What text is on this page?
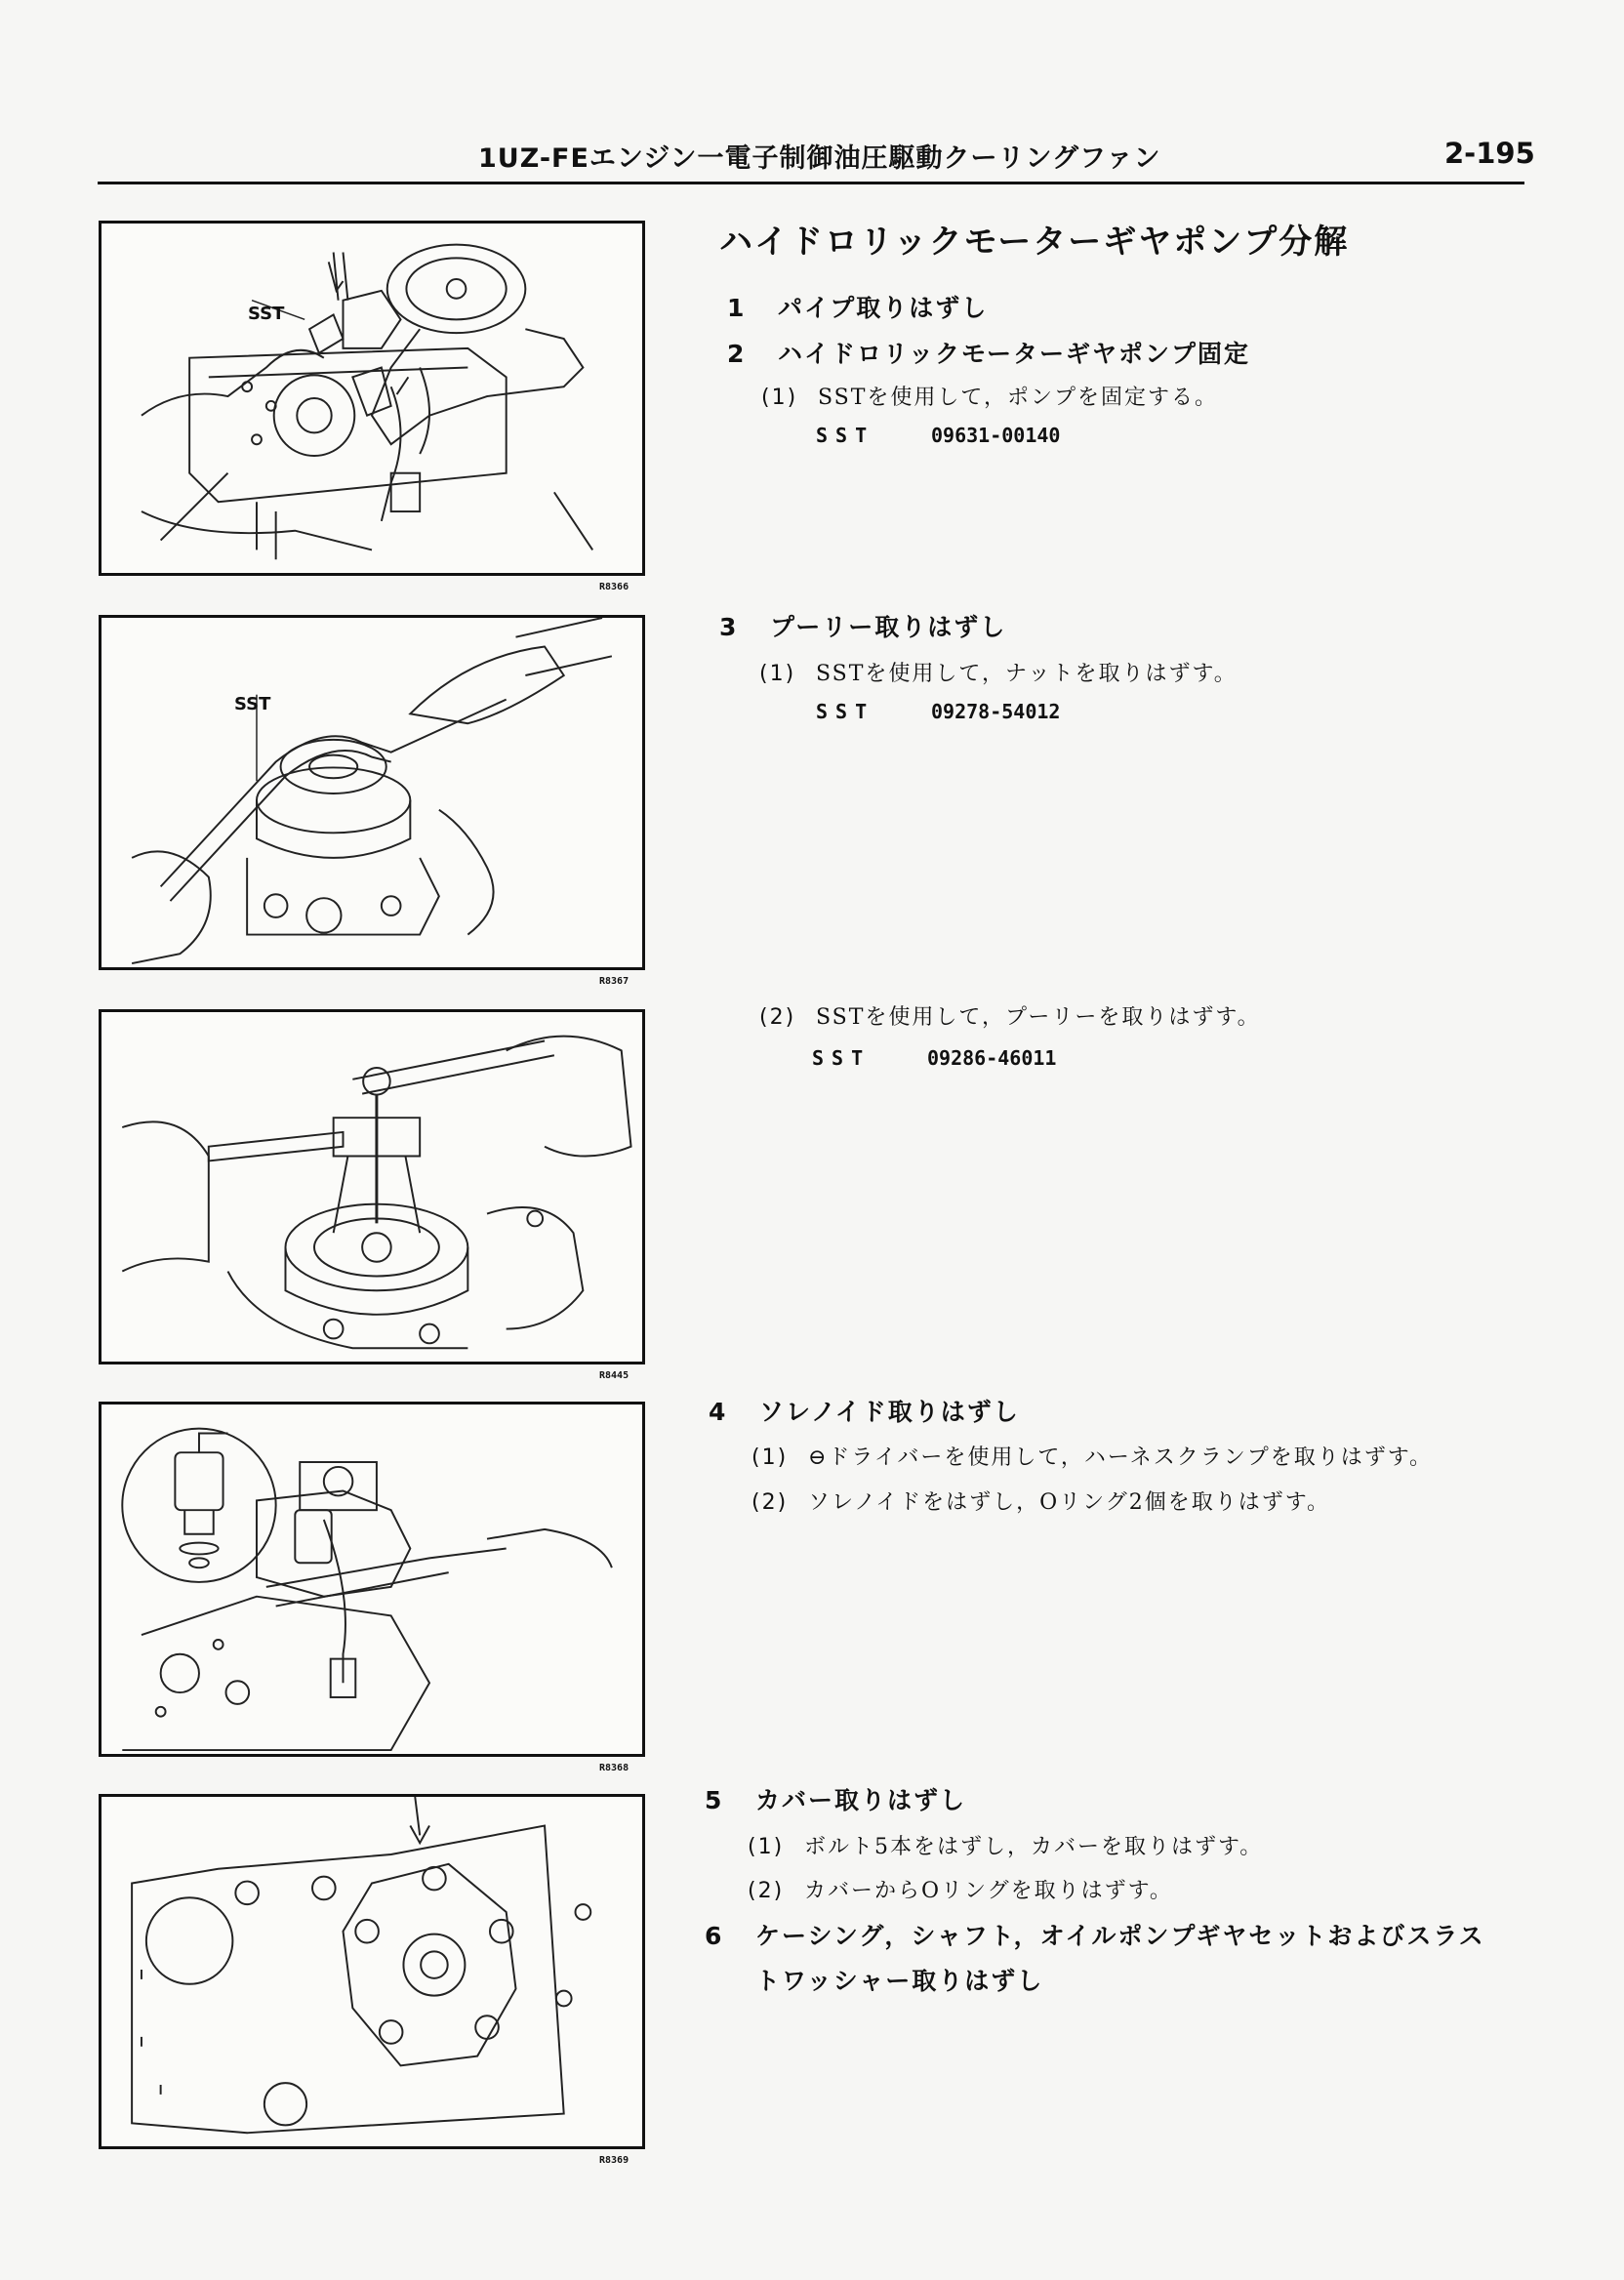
1UZ-FEエンジン一電子制御油圧駆動クーリングファン	2-195
SST
R8366
SST
R8367
R8445
R8368
R8369
ハイドロリックモーターギヤポンプ分解
1 パイプ取りはずし
2 ハイドロリックモーターギヤポンプ固定
(1) SSTを使用して，ポンプを固定する。
SST	09631-00140
3 プーリー取りはずし
(1) SSTを使用して，ナットを取りはずす。
SST	09278-54012
(2) SSTを使用して，プーリーを取りはずす。
SST	09286-46011
4 ソレノイド取りはずし
(1) ⊖ドライバーを使用して，ハーネスクランプを取りはずす。
(2) ソレノイドをはずし，Oリング2個を取りはずす。
5 カバー取りはずし
(1) ボルト5本をはずし，カバーを取りはずす。
(2) カバーからOリングを取りはずす。
6 ケーシング，シャフト，オイルポンプギヤセットおよびスラス
トワッシャー取りはずし
